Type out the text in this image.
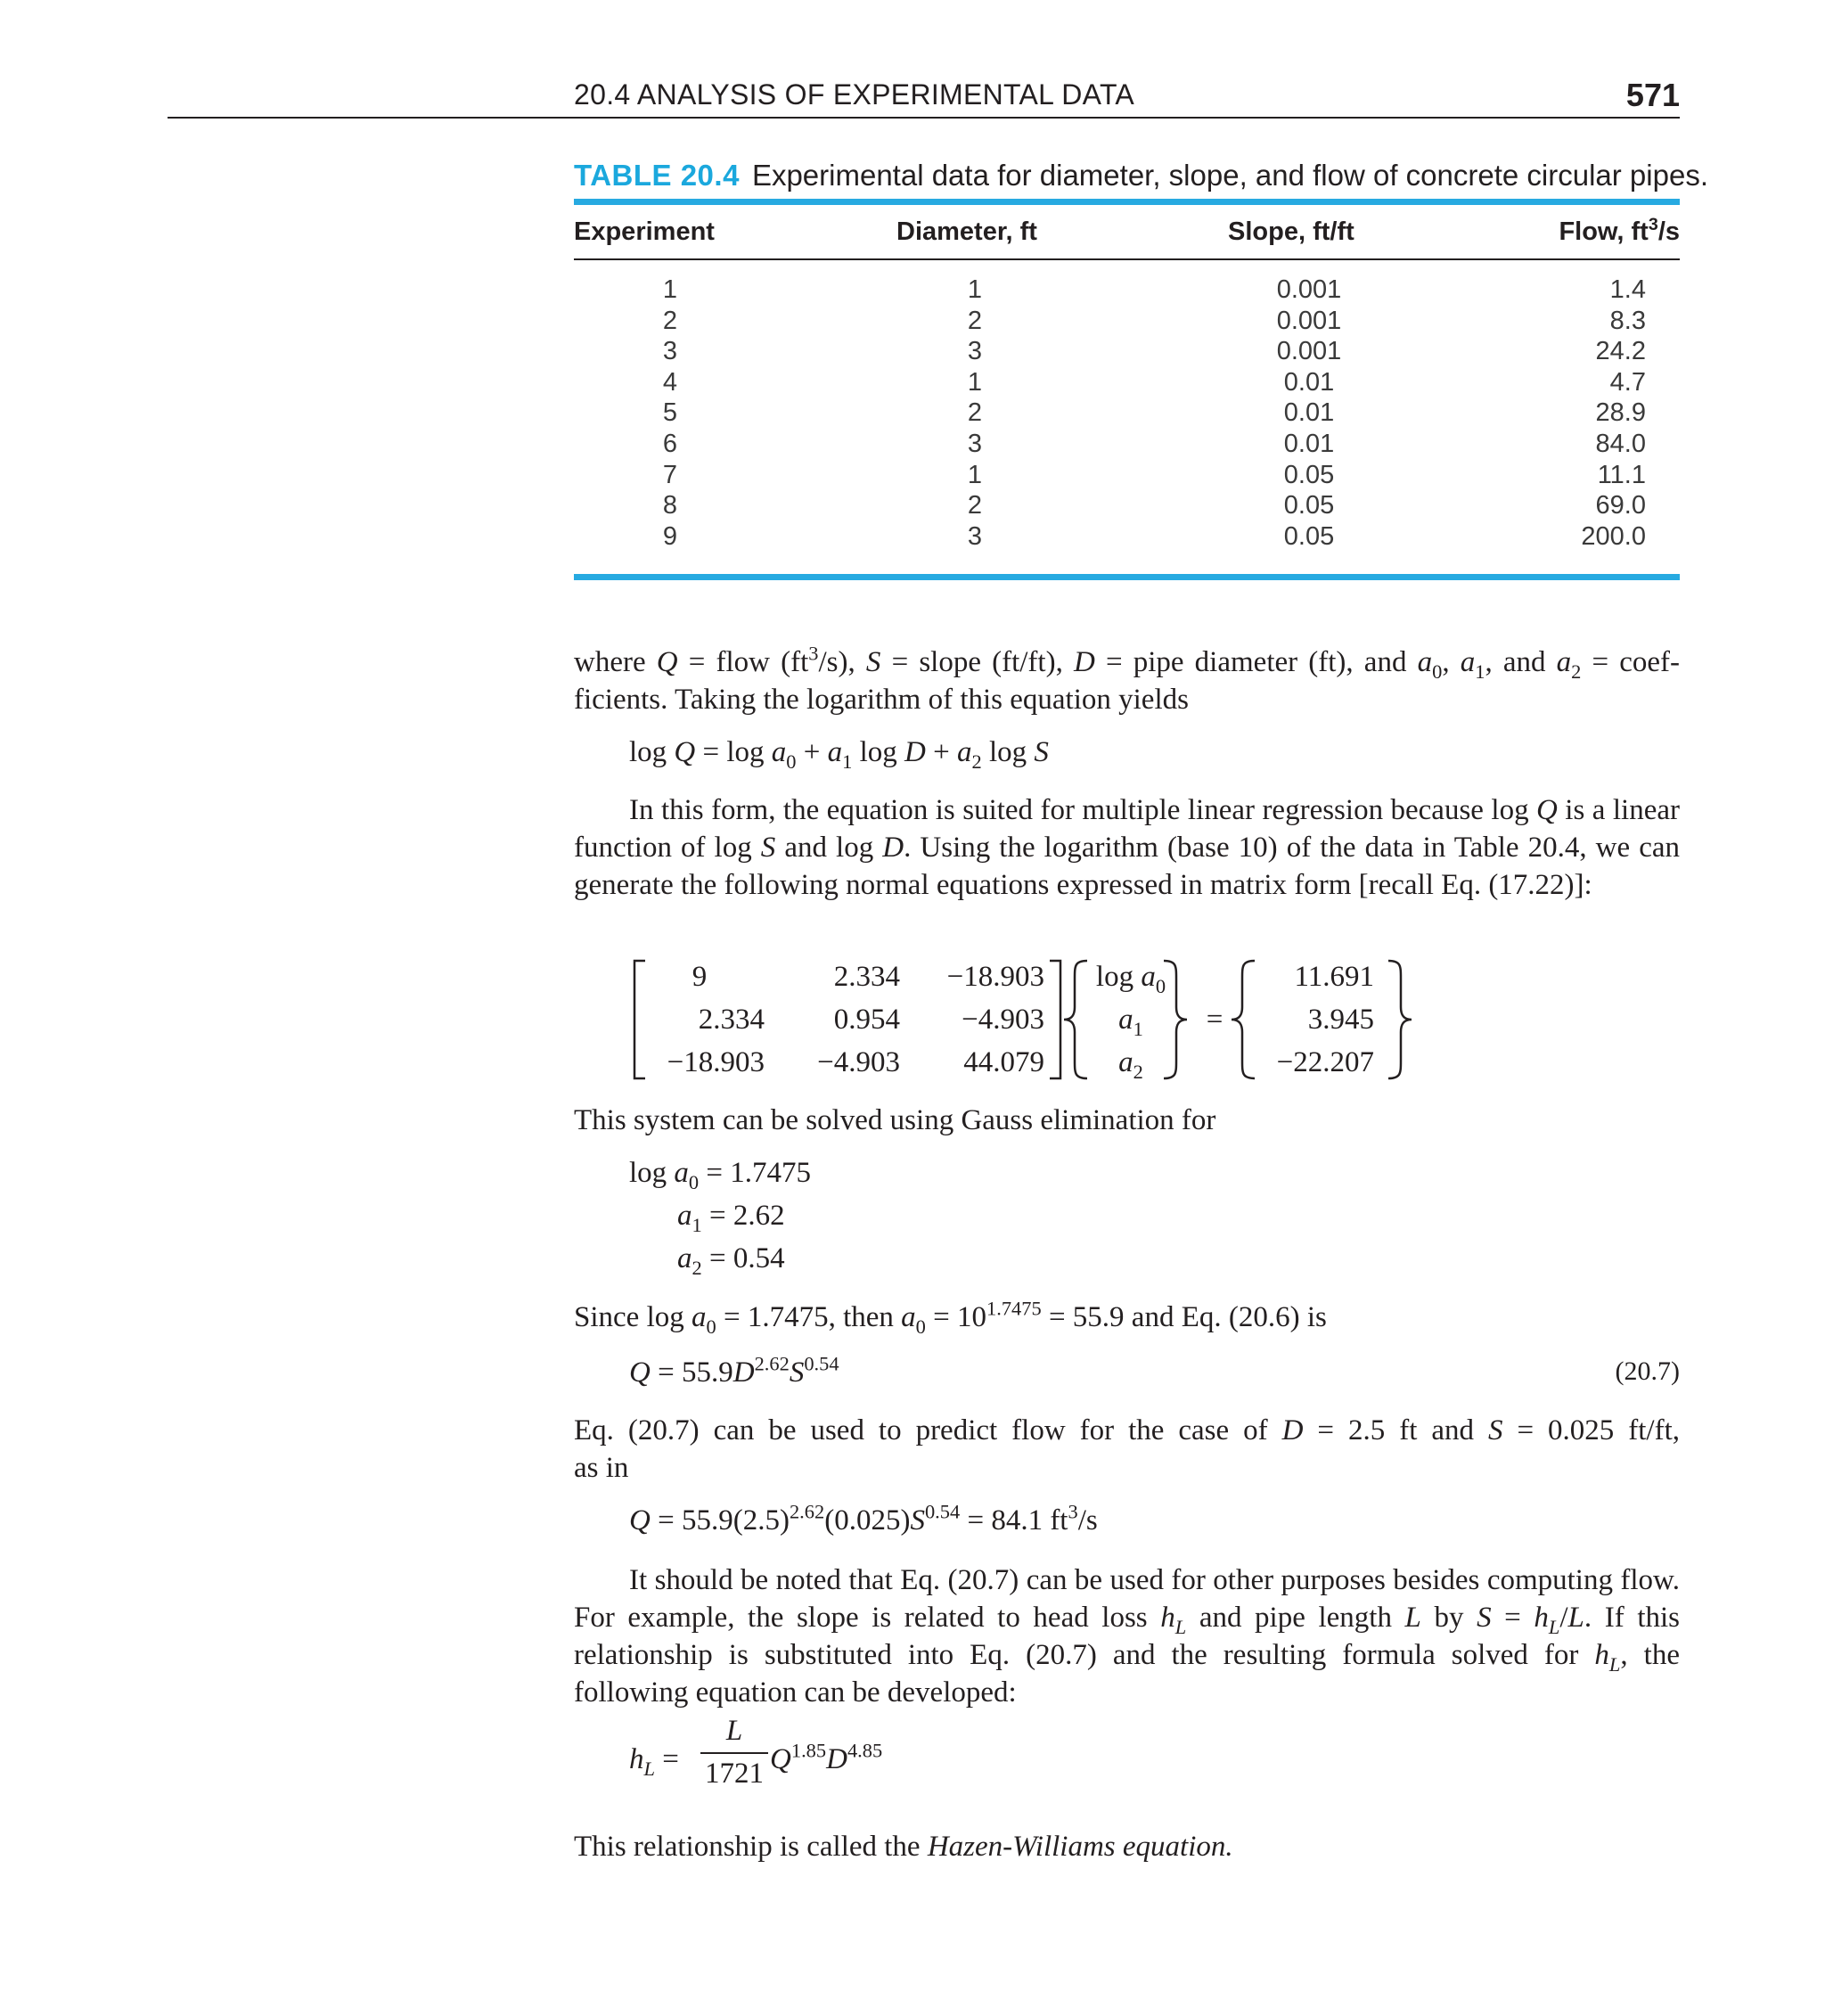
20.4 ANALYSIS OF EXPERIMENTAL DATA	571
TABLE 20.4 Experimental data for diameter, slope, and flow of concrete circular pipes.
Experiment	Diameter, ft	Slope, ft/ft	Flow, $ft^3/s$
1	1	0.001	1.4
2	2	0.001	8.3
3	3	0.001	24.2
4	1	0.01	4.7
5	2	0.01	28.9
6	3	0.01	84.0
7	1	0.05	11.1
8	2	0.05	69.0
9	3	0.05	200.0
where Q = flow $(ft^3/s)$, S = slope (ft/ft), D = pipe diameter (ft), and $a_0$, $a_1$, and $a_2$ = coef-
ficients. Taking the logarithm of this equation yields
$\log Q = \log a_0 + a_1$ $\log D + a_2$ log S
In this form, the equation is suited for multiple linear regression because log Q is a linear function of log S and log D. Using the logarithm (base 10) of the data in Table 20.4, we can generate the following normal equations expressed in matrix form [recall Eq. (17.22)]:
9	2.334	−18.903
2.334	0.954	−4.903
−18.903	−4.903	44.079
$\log a_0$
$a_1$
$a_2$
=
11.691
3.945
−22.207
This system can be solved using Gauss elimination for
$\log a_0 = 1.7475$
$a_1 = 2.62$
$a_2 = 0.54$
Since $\log a_0 = 1.7475$, then $a_0 = 10^{1.7475} = 55.9$ and Eq. (20.6) is
$Q = 55.9D^{2.62}S^{0.54}$	(20.7)
Eq. (20.7) can be used to predict flow for the case of D = 2.5 ft and S = 0.025 ft/ft,
as in
$Q = 55.9(2.5)^{2.62}(0.025)S^{0.54} = 84.1$ $ft^3/s$
It should be noted that Eq. (20.7) can be used for other purposes besides computing flow. For example, the slope is related to head loss $h_L$ and pipe length L by $S = h_L/L$. If this relationship is substituted into Eq. (20.7) and the resulting formula solved for $h_L$, the following equation can be developed:
$h_L$ =
L
1721 $Q^{1.85}D^{4.85}$
This relationship is called the Hazen-Williams equation.
